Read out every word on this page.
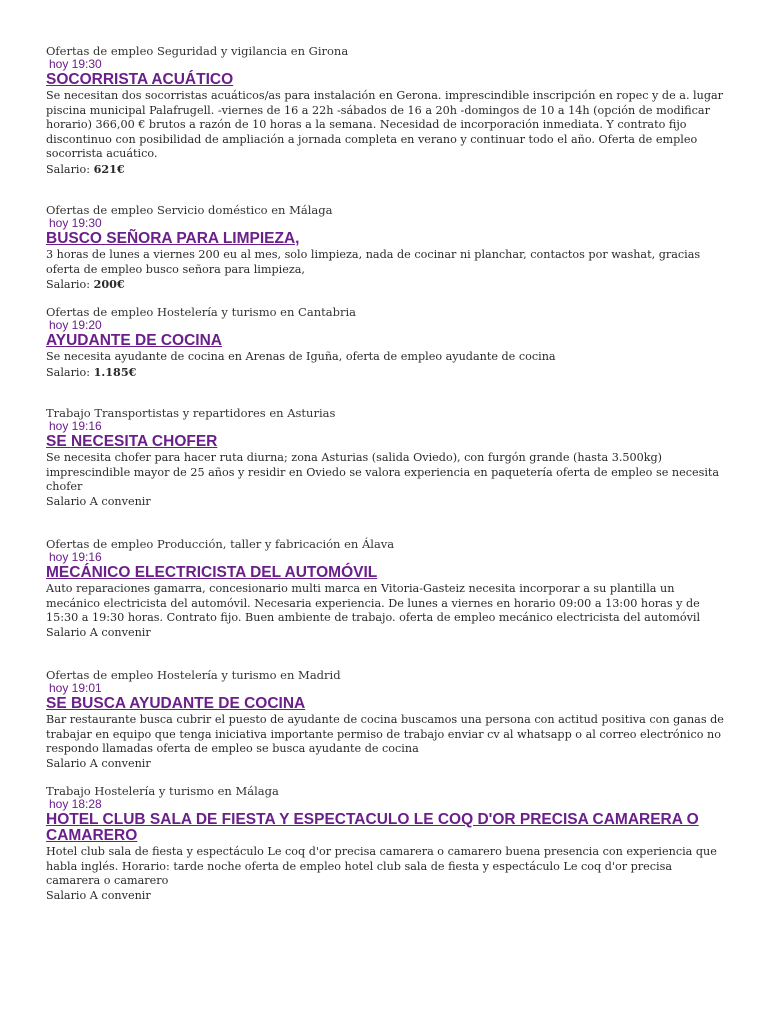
Ofertas de empleo Seguridad y vigilancia en Girona
hoy 19:30
SOCORRISTA ACUÁTICO
Se necesitan dos socorristas acuáticos/as para instalación en Gerona. imprescindible inscripción en ropec y de a. lugar piscina municipal Palafrugell. -viernes de 16 a 22h -sábados de 16 a 20h -domingos de 10 a 14h (opción de modificar horario) 366,00 € brutos a razón de 10 horas a la semana. Necesidad de incorporación inmediata. Y contrato fijo discontinuo con posibilidad de ampliación a jornada completa en verano y continuar todo el año. Oferta de empleo socorrista acuático.
Salario: 621€
Ofertas de empleo Servicio doméstico en Málaga
hoy 19:30
BUSCO SEÑORA PARA LIMPIEZA,
3 horas de lunes a viernes 200 eu al mes, solo limpieza, nada de cocinar ni planchar, contactos por washat, gracias oferta de empleo busco señora para limpieza,
Salario: 200€
Ofertas de empleo Hostelería y turismo en Cantabria
hoy 19:20
AYUDANTE DE COCINA
Se necesita ayudante de cocina en Arenas de Iguña, oferta de empleo ayudante de cocina
Salario: 1.185€
Trabajo Transportistas y repartidores en Asturias
hoy 19:16
SE NECESITA CHOFER
Se necesita chofer para hacer ruta diurna; zona Asturias (salida Oviedo), con furgón grande (hasta 3.500kg) imprescindible mayor de 25 años y residir en Oviedo se valora experiencia en paquetería oferta de empleo se necesita chofer
Salario A convenir
Ofertas de empleo Producción, taller y fabricación en Álava
hoy 19:16
MECÁNICO ELECTRICISTA DEL AUTOMÓVIL
Auto reparaciones gamarra, concesionario multi marca en Vitoria-Gasteiz necesita incorporar a su plantilla un mecánico electricista del automóvil. Necesaria experiencia. De lunes a viernes en horario 09:00 a 13:00 horas y de 15:30 a 19:30 horas. Contrato fijo. Buen ambiente de trabajo. oferta de empleo mecánico electricista del automóvil
Salario A convenir
Ofertas de empleo Hostelería y turismo en Madrid
hoy 19:01
SE BUSCA AYUDANTE DE COCINA
Bar restaurante busca cubrir el puesto de ayudante de cocina buscamos una persona con actitud positiva con ganas de trabajar en equipo que tenga iniciativa importante permiso de trabajo enviar cv al whatsapp o al correo electrónico no respondo llamadas oferta de empleo se busca ayudante de cocina
Salario A convenir
Trabajo Hostelería y turismo en Málaga
hoy 18:28
HOTEL CLUB SALA DE FIESTA Y ESPECTACULO LE COQ D'OR PRECISA CAMARERA O CAMARERO
Hotel club sala de fiesta y espectáculo Le coq d'or precisa camarera o camarero buena presencia con experiencia que habla inglés. Horario: tarde noche oferta de empleo hotel club sala de fiesta y espectáculo Le coq d'or precisa camarera o camarero
Salario A convenir
